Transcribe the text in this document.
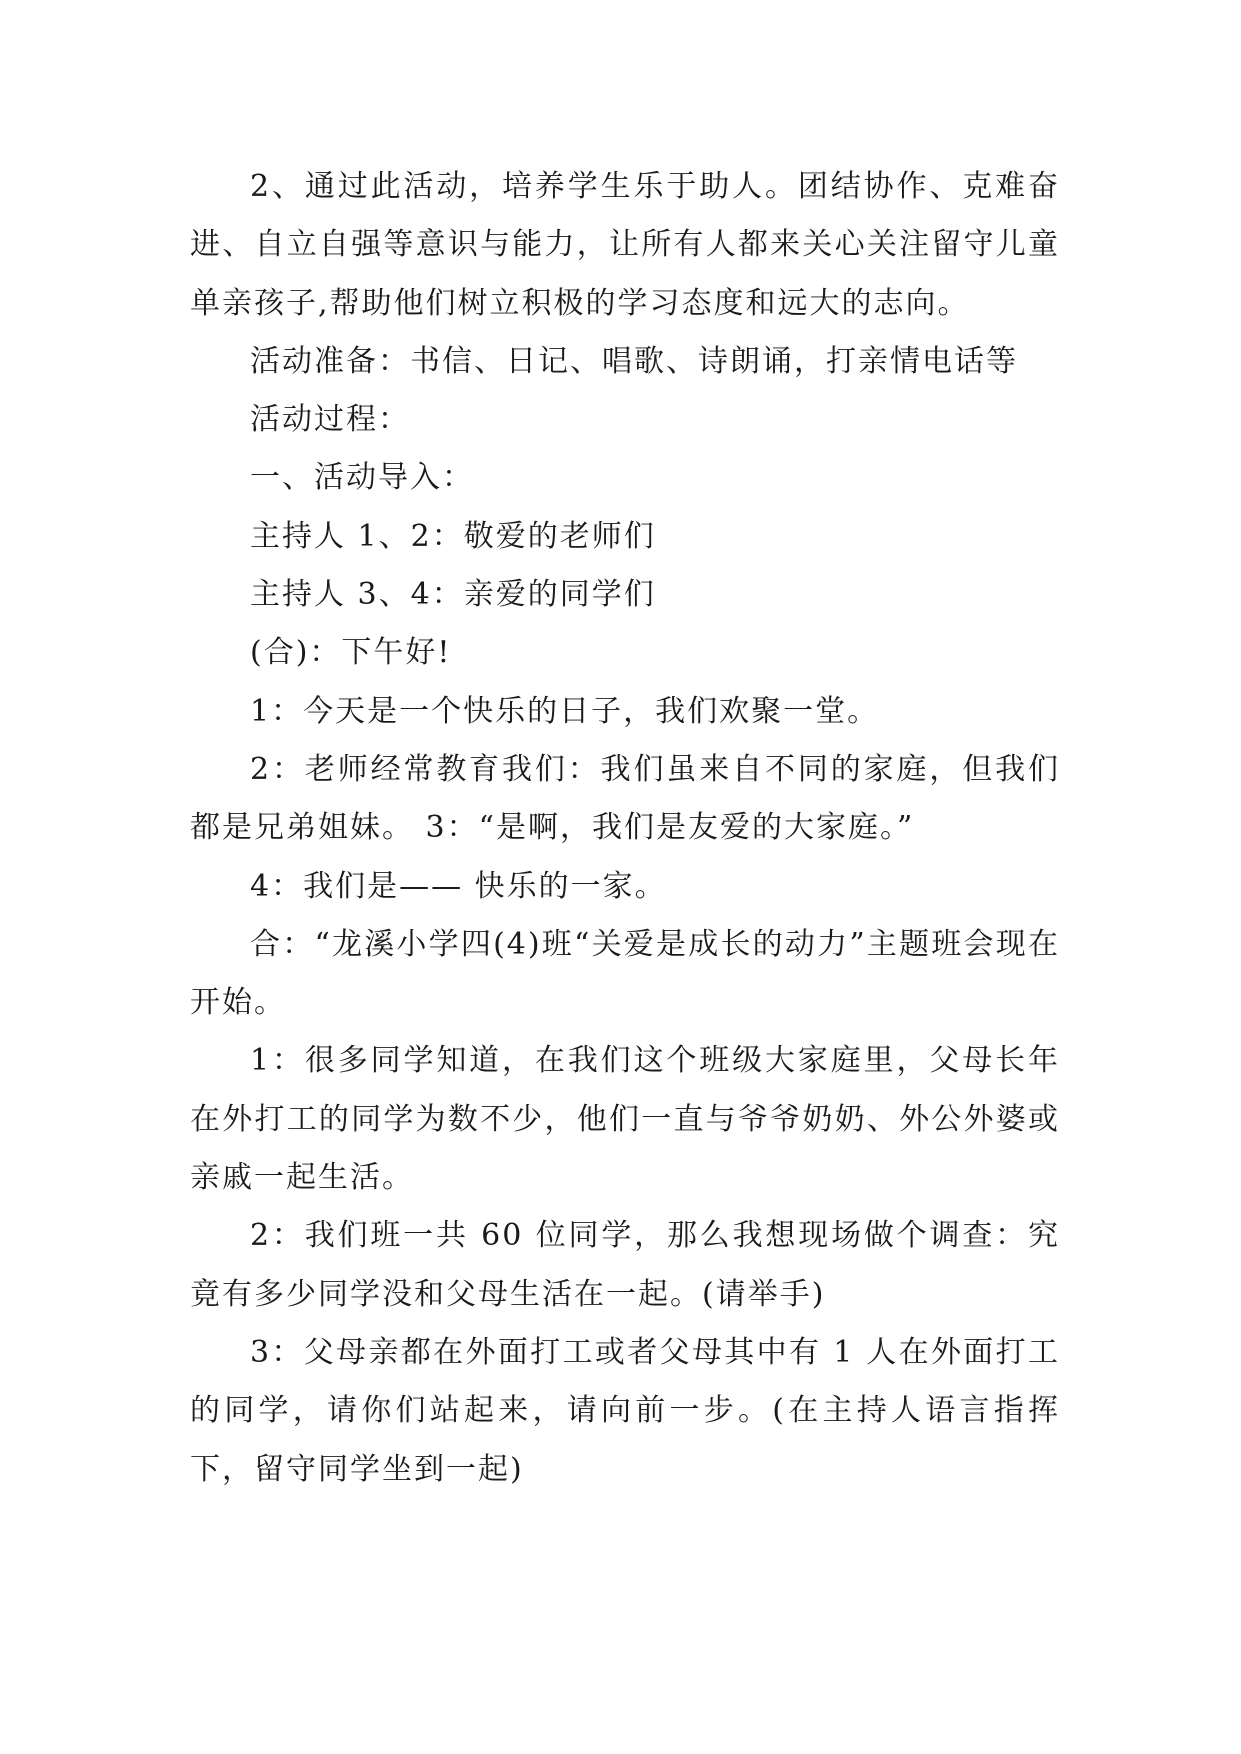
2、通过此活动，培养学生乐于助人。团结协作、克难奋进、自立自强等意识与能力，让所有人都来关心关注留守儿童单亲孩子,帮助他们树立积极的学习态度和远大的志向。

活动准备：书信、日记、唱歌、诗朗诵，打亲情电话等

活动过程：

一、活动导入：

主持人 1、2：敬爱的老师们

主持人 3、4：亲爱的同学们

(合)：下午好!

1：今天是一个快乐的日子，我们欢聚一堂。

2：老师经常教育我们：我们虽来自不同的家庭，但我们都是兄弟姐妹。 3：“是啊，我们是友爱的大家庭。”

4：我们是—— 快乐的一家。

合：“龙溪小学四(4)班“关爱是成长的动力”主题班会现在开始。

1：很多同学知道，在我们这个班级大家庭里，父母长年在外打工的同学为数不少，他们一直与爷爷奶奶、外公外婆或亲戚一起生活。

2：我们班一共 60 位同学，那么我想现场做个调查：究竟有多少同学没和父母生活在一起。(请举手)

3：父母亲都在外面打工或者父母其中有 1 人在外面打工的同学，请你们站起来，请向前一步。(在主持人语言指挥下，留守同学坐到一起)
